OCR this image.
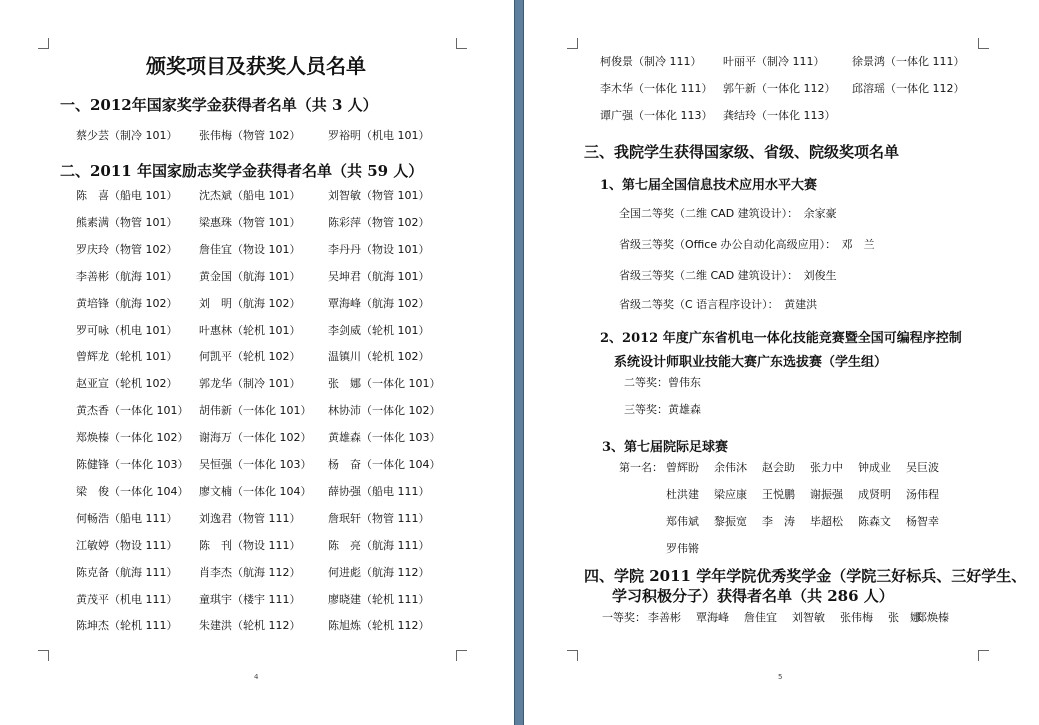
颁奖项目及获奖人员名单
一、2012年国家奖学金获得者名单（共 3 人）
蔡少芸（制冷 101） 张伟梅（物管 102）	罗裕明（机电 101）
二、2011 年国家励志奖学金获得者名单（共 59 人）
陈　喜（船电 101） 沈杰斌（船电 101）	刘智敏（物管 101）
熊素满（物管 101） 梁惠珠（物管 101）	陈彩萍（物管 102）
罗庆玲（物管 102） 詹佳宜（物设 101）	李丹丹（物设 101）
李善彬（航海 101） 黄金国（航海 101）	吴坤君（航海 101）
黄培锋（航海 102） 刘　明（航海 102）	覃海峰（航海 102）
罗可咏（机电 101） 叶惠林（轮机 101）	李剑威（轮机 101）
曾辉龙（轮机 101） 何凯平（轮机 102）	温镇川（轮机 102）
赵亚宣（轮机 102） 郭龙华（制冷 101）	张　娜（一体化 101）
黄杰香（一体化 101） 胡伟新（一体化 101） 林协沛（一体化 102）
郑焕榛（一体化 102） 谢海万（一体化 102） 黄雄森（一体化 103）
陈健锋（一体化 103） 吴恒强（一体化 103） 杨　奋（一体化 104）
梁　俊（一体化 104） 廖文楠（一体化 104） 薛协强（船电 111）
何畅浩（船电 111） 刘逸君（物管 111）	詹珉轩（物管 111）
江敏婷（物设 111） 陈　刊（物设 111）	陈　亮（航海 111）
陈克备（航海 111） 肖李杰（航海 112）	何进彪（航海 112）
黄茂平（机电 111） 童琪宇（楼宇 111）	廖晓建（轮机 111）
陈坤杰（轮机 111） 朱建洪（轮机 112）	陈旭炼（轮机 112）
4
柯俊景（制冷 111） 叶丽平（制冷 111）	徐景鸿（一体化 111）
李木华（一体化 111） 郭午新（一体化 112） 邱溶瑶（一体化 112）
谭广强（一体化 113） 龚结玲（一体化 113）
三、我院学生获得国家级、省级、院级奖项名单
1、第七届全国信息技术应用水平大赛
全国二等奖（二维 CAD 建筑设计）：　余家豪
省级三等奖（Office 办公自动化高级应用）：　邓　兰
省级三等奖（二维 CAD 建筑设计）：　刘俊生
省级二等奖（C 语言程序设计）：　黄建洪
2、2012 年度广东省机电一体化技能竞赛暨全国可编程序控制
系统设计师职业技能大赛广东选拔赛（学生组）
二等奖：曾伟东
三等奖：黄雄森
3、第七届院际足球赛
第一名： 曾辉盼 余伟沐 赵会助 张力中 钟成业 吴巨波
杜洪建 梁应康 王悦鹏 谢振强 成贤明 汤伟程
郑伟斌 黎振宽 李　涛 毕超松 陈森文 杨智幸
罗伟锵
四、学院 2011 学年学院优秀奖学金（学院三好标兵、三好学生、
学习积极分子）获得者名单（共 286 人）
一等奖： 李善彬 覃海峰 詹佳宜 刘智敏 张伟梅 张　娜
郑焕榛
5
